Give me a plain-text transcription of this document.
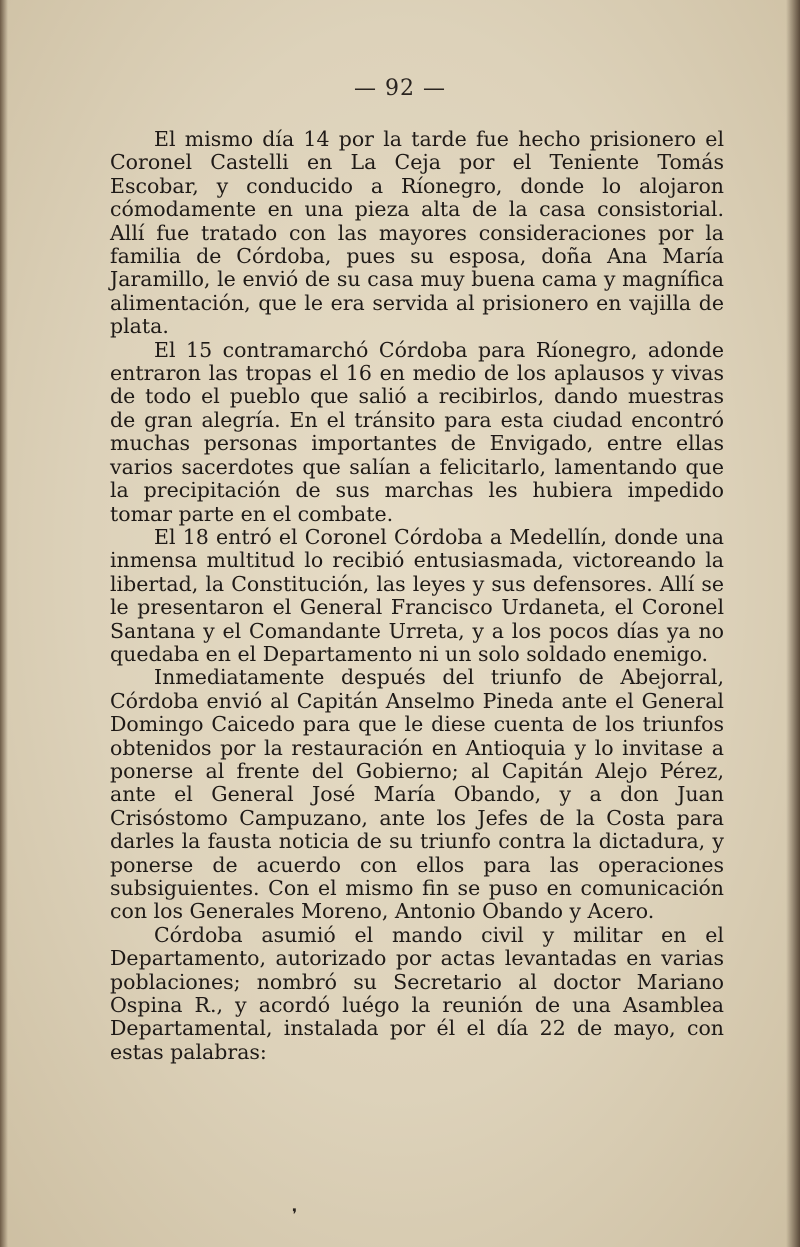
— 92 —

El mismo día 14 por la tarde fue hecho prisionero el Coronel Castelli en La Ceja por el Teniente Tomás Escobar, y conducido a Ríonegro, donde lo alojaron cómodamente en una pieza alta de la casa consistorial. Allí fue tratado con las mayores consideraciones por la familia de Córdoba, pues su esposa, doña Ana María Jaramillo, le envió de su casa muy buena cama y magnífica alimentación, que le era servida al prisionero en vajilla de plata.

El 15 contramarchó Córdoba para Ríonegro, adonde entraron las tropas el 16 en medio de los aplausos y vivas de todo el pueblo que salió a recibirlos, dando muestras de gran alegría. En el tránsito para esta ciudad encontró muchas personas importantes de Envigado, entre ellas varios sacerdotes que salían a felicitarlo, lamentando que la precipitación de sus marchas les hubiera impedido tomar parte en el combate.

El 18 entró el Coronel Córdoba a Medellín, donde una inmensa multitud lo recibió entusiasmada, victoreando la libertad, la Constitución, las leyes y sus defensores. Allí se le presentaron el General Francisco Urdaneta, el Coronel Santana y el Comandante Urreta, y a los pocos días ya no quedaba en el Departamento ni un solo soldado enemigo.

Inmediatamente después del triunfo de Abejorral, Córdoba envió al Capitán Anselmo Pineda ante el General Domingo Caicedo para que le diese cuenta de los triunfos obtenidos por la restauración en Antioquia y lo invitase a ponerse al frente del Gobierno; al Capitán Alejo Pérez, ante el General José María Obando, y a don Juan Crisóstomo Campuzano, ante los Jefes de la Costa para darles la fausta noticia de su triunfo contra la dictadura, y ponerse de acuerdo con ellos para las operaciones subsiguientes. Con el mismo fin se puso en comunicación con los Generales Moreno, Antonio Obando y Acero.

Córdoba asumió el mando civil y militar en el Departamento, autorizado por actas levantadas en varias poblaciones; nombró su Secretario al doctor Mariano Ospina R., y acordó luégo la reunión de una Asamblea Departamental, instalada por él el día 22 de mayo, con estas palabras:

❜
